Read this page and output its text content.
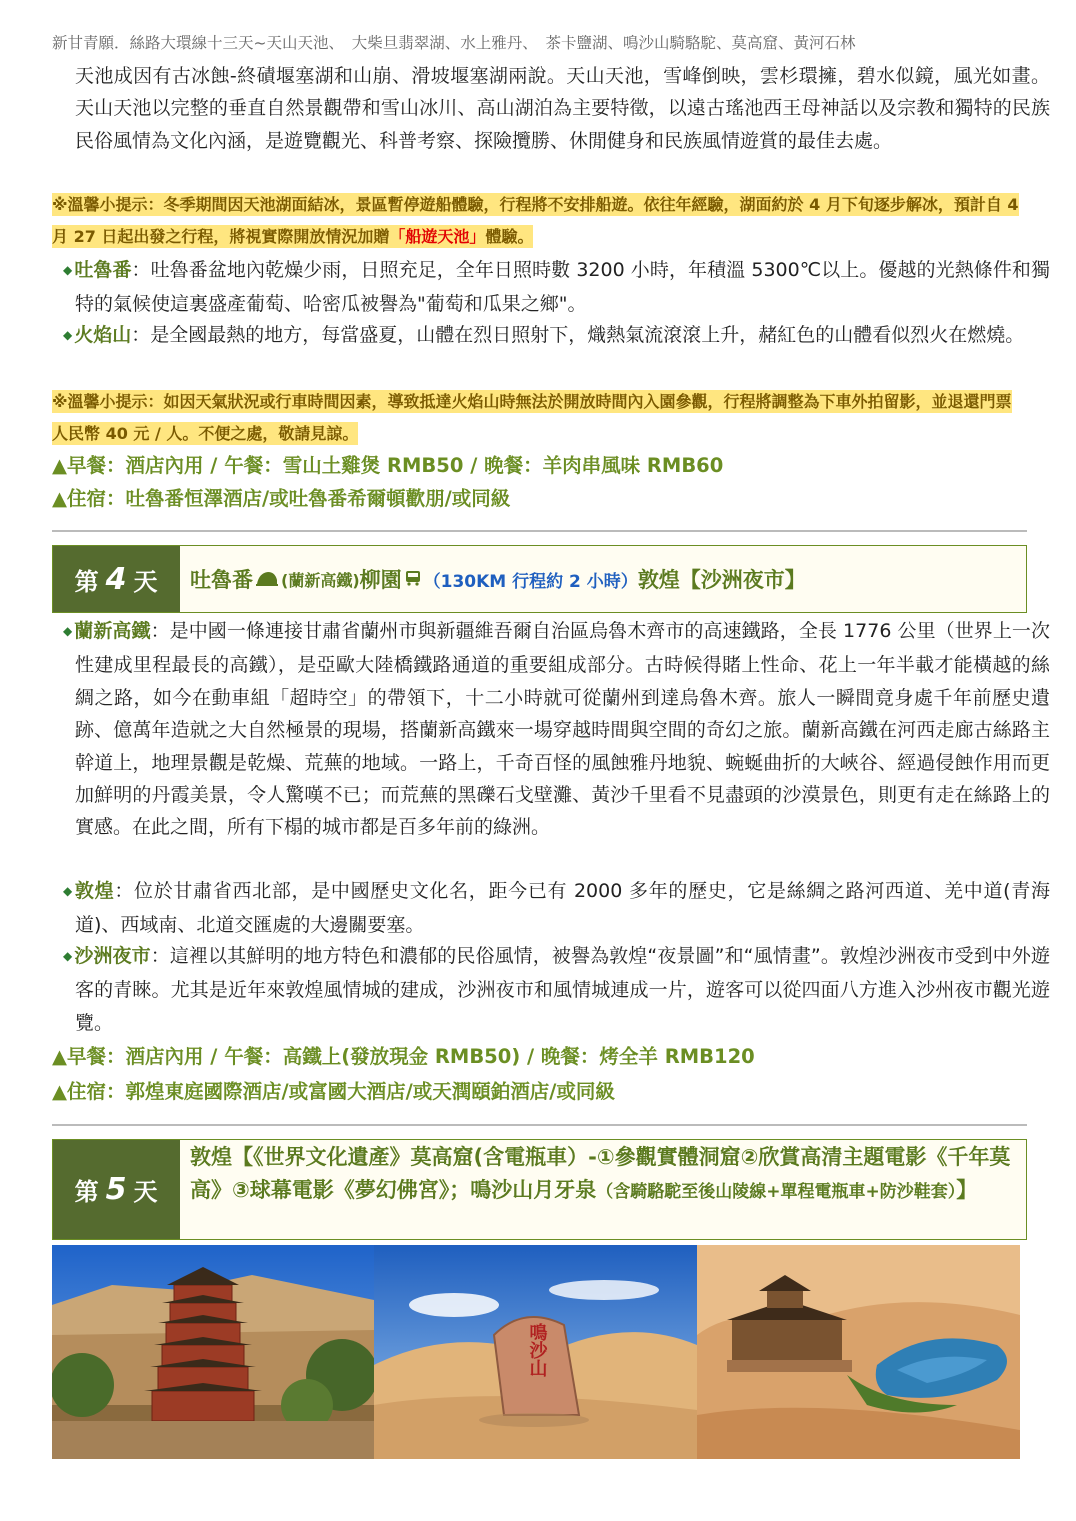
新甘青願．絲路大環線十三天~天山天池、　大柴旦翡翠湖、水上雅丹、　茶卡鹽湖、鳴沙山騎駱駝、莫高窟、黃河石林
天池成因有古冰蝕-終磧堰塞湖和山崩、滑坡堰塞湖兩說。天山天池，雪峰倒映，雲杉環擁，碧水似鏡，風光如畫。天山天池以完整的垂直自然景觀帶和雪山冰川、高山湖泊為主要特徵，以遠古瑤池西王母神話以及宗教和獨特的民族民俗風情為文化內涵，是遊覽觀光、科普考察、探險攬勝、休閒健身和民族風情遊賞的最佳去處。
※溫馨小提示：冬季期間因天池湖面結冰，景區暫停遊船體驗，行程將不安排船遊。依往年經驗，湖面約於 4 月下旬逐步解冰，預計自 4 月 27 日起出發之行程，將視實際開放情況加贈「船遊天池」體驗。
◆ 吐魯番：吐魯番盆地內乾燥少雨，日照充足，全年日照時數 3200 小時，年積溫 5300℃以上。優越的光熱條件和獨特的氣候使這裏盛產葡萄、哈密瓜被譽為"葡萄和瓜果之鄉"。
◆ 火焰山：是全國最熱的地方，每當盛夏，山體在烈日照射下，熾熱氣流滾滾上升，赭紅色的山體看似烈火在燃燒。
※溫馨小提示：如因天氣狀況或行車時間因素，導致抵達火焰山時無法於開放時間內入園參觀，行程將調整為下車外拍留影，並退還門票人民幣 40 元 / 人。不便之處，敬請見諒。
▲早餐：酒店內用 / 午餐：雪山土雞煲 RMB50 / 晚餐：羊肉串風味 RMB60
▲住宿：吐魯番恒澤酒店/或吐魯番希爾頓歡朋/或同級
第 4 天 吐魯番 (蘭新高鐵) 柳園 （130KM 行程約 2 小時） 敦煌【沙洲夜市】
◆ 蘭新高鐵：是中國一條連接甘肅省蘭州市與新疆維吾爾自治區烏魯木齊市的高速鐵路，全長 1776 公里（世界上一次性建成里程最長的高鐵），是亞歐大陸橋鐵路通道的重要組成部分。古時候得賭上性命、花上一年半載才能橫越的絲綢之路，如今在動車組「超時空」的帶領下，十二小時就可從蘭州到達烏魯木齊。旅人一瞬間竟身處千年前歷史遺跡、億萬年造就之大自然極景的現場，搭蘭新高鐵來一場穿越時間與空間的奇幻之旅。蘭新高鐵在河西走廊古絲路主幹道上，地理景觀是乾燥、荒蕪的地域。一路上，千奇百怪的風蝕雅丹地貌、蜿蜒曲折的大峽谷、經過侵蝕作用而更加鮮明的丹霞美景，令人驚嘆不已；而荒蕪的黑礫石戈壁灘、黃沙千里看不見盡頭的沙漠景色，則更有走在絲路上的實感。在此之間，所有下榻的城市都是百多年前的綠洲。
◆ 敦煌：位於甘肅省西北部，是中國歷史文化名，距今已有 2000 多年的歷史，它是絲綢之路河西道、羌中道(青海道)、西域南、北道交匯處的大邊關要塞。
◆ 沙洲夜市：這裡以其鮮明的地方特色和濃郁的民俗風情，被譽為敦煌“夜景圖”和“風情畫”。敦煌沙洲夜市受到中外遊客的青睞。尤其是近年來敦煌風情城的建成，沙洲夜市和風情城連成一片，遊客可以從四面八方進入沙州夜市觀光遊覽。
▲早餐：酒店內用 / 午餐：高鐵上(發放現金 RMB50) / 晚餐：烤全羊 RMB120
▲住宿：郭煌東庭國際酒店/或富國大酒店/或天潤頤鉑酒店/或同級
第 5 天
敦煌【《世界文化遺產》莫高窟(含電瓶車）-①參觀實體洞窟②欣賞高清主題電影《千年莫高》③球幕電影《夢幻佛宮》；鳴沙山月牙泉（含騎駱駝至後山陵線+單程電瓶車+防沙鞋套）】
鳴沙山
